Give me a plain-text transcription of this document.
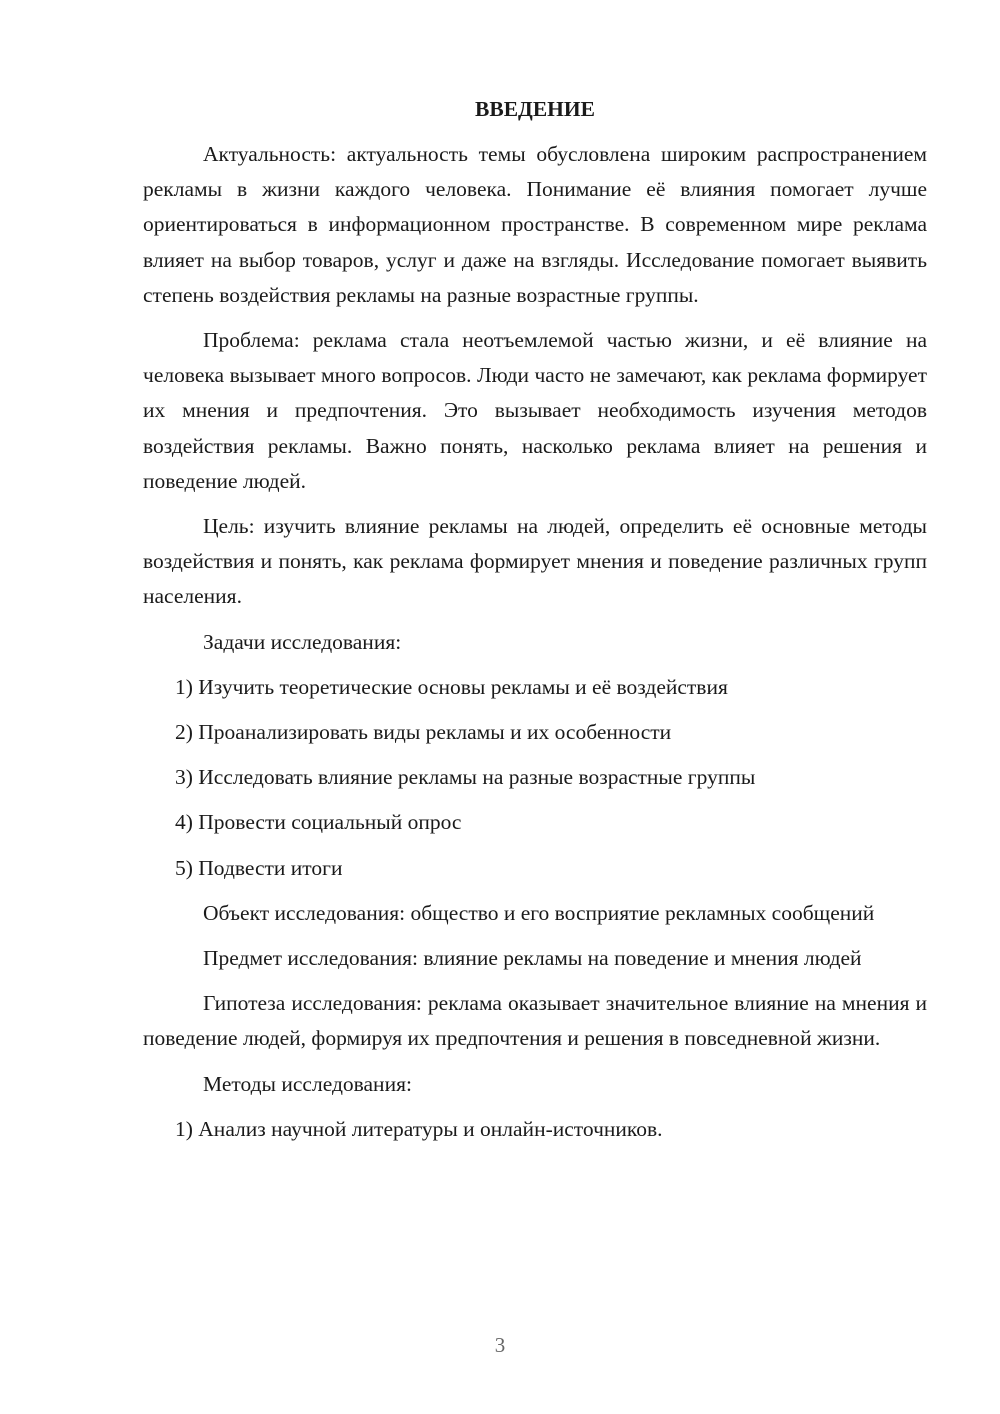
ВВЕДЕНИЕ

Актуальность: актуальность темы обусловлена широким распространением рекламы в жизни каждого человека. Понимание её влияния помогает лучше ориентироваться в информационном пространстве. В современном мире реклама влияет на выбор товаров, услуг и даже на взгляды. Исследование помогает выявить степень воздействия рекламы на разные возрастные группы.

Проблема: реклама стала неотъемлемой частью жизни, и её влияние на человека вызывает много вопросов. Люди часто не замечают, как реклама формирует их мнения и предпочтения. Это вызывает необходимость изучения методов воздействия рекламы. Важно понять, насколько реклама влияет на решения и поведение людей.

Цель: изучить влияние рекламы на людей, определить её основные методы воздействия и понять, как реклама формирует мнения и поведение различных групп населения.

Задачи исследования:

1) Изучить теоретические основы рекламы и её воздействия
2) Проанализировать виды рекламы и их особенности
3) Исследовать влияние рекламы на разные возрастные группы
4) Провести социальный опрос
5) Подвести итоги

Объект исследования: общество и его восприятие рекламных сообщений

Предмет исследования: влияние рекламы на поведение и мнения людей

Гипотеза исследования: реклама оказывает значительное влияние на мнения и поведение людей, формируя их предпочтения и решения в повседневной жизни.

Методы исследования:

1) Анализ научной литературы и онлайн-источников.
3
